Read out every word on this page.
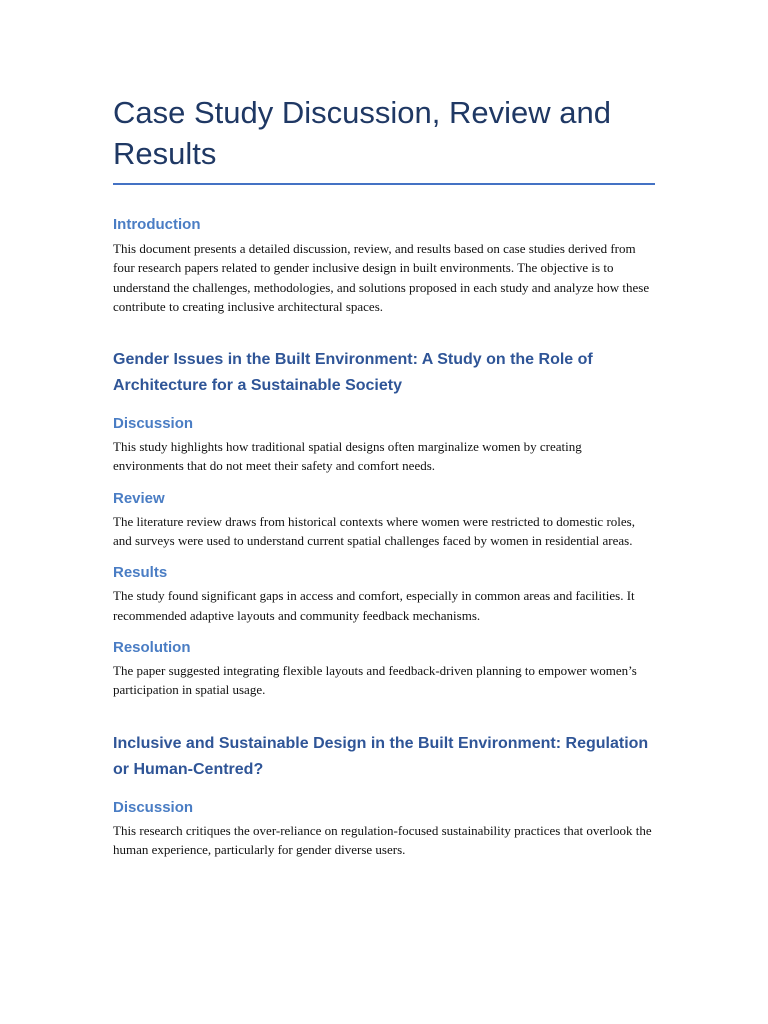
Case Study Discussion, Review and Results
Introduction

This document presents a detailed discussion, review, and results based on case studies derived from four research papers related to gender inclusive design in built environments. The objective is to understand the challenges, methodologies, and solutions proposed in each study and analyze how these contribute to creating inclusive architectural spaces.

Gender Issues in the Built Environment: A Study on the Role of Architecture for a Sustainable Society
Discussion

This study highlights how traditional spatial designs often marginalize women by creating environments that do not meet their safety and comfort needs.

Review

The literature review draws from historical contexts where women were restricted to domestic roles, and surveys were used to understand current spatial challenges faced by women in residential areas.

Results

The study found significant gaps in access and comfort, especially in common areas and facilities. It recommended adaptive layouts and community feedback mechanisms.

Resolution

The paper suggested integrating flexible layouts and feedback-driven planning to empower women’s participation in spatial usage.

Inclusive and Sustainable Design in the Built Environment: Regulation or Human-Centred?
Discussion

This research critiques the over-reliance on regulation-focused sustainability practices that overlook the human experience, particularly for gender diverse users.
